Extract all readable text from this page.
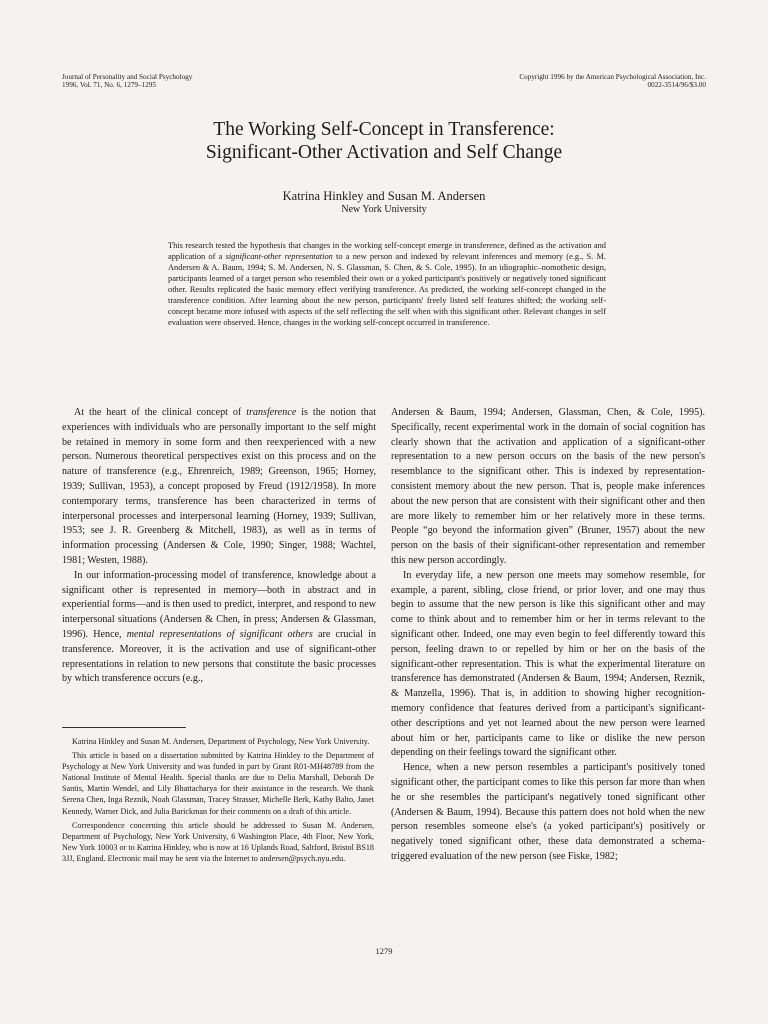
Journal of Personality and Social Psychology
1996, Vol. 71, No. 6, 1279–1295
Copyright 1996 by the American Psychological Association, Inc.
0022-3514/96/$3.00
The Working Self-Concept in Transference:
Significant-Other Activation and Self Change
Katrina Hinkley and Susan M. Andersen
New York University
This research tested the hypothesis that changes in the working self-concept emerge in transference, defined as the activation and application of a significant-other representation to a new person and indexed by relevant inferences and memory (e.g., S. M. Andersen & A. Baum, 1994; S. M. Andersen, N. S. Glassman, S. Chen, & S. Cole, 1995). In an idiographic–nomothetic design, participants learned of a target person who resembled their own or a yoked participant's positively or negatively toned significant other. Results replicated the basic memory effect verifying transference. As predicted, the working self-concept changed in the transference condition. After learning about the new person, participants' freely listed self features shifted; the working self-concept became more infused with aspects of the self reflecting the self when with this significant other. Relevant changes in self evaluation were observed. Hence, changes in the working self-concept occurred in transference.

At the heart of the clinical concept of transference is the notion that experiences with individuals who are personally important to the self might be retained in memory in some form and then reexperienced with a new person. Numerous theoretical perspectives exist on this process and on the nature of transference (e.g., Ehrenreich, 1989; Greenson, 1965; Horney, 1939; Sullivan, 1953), a concept proposed by Freud (1912/1958). In more contemporary terms, transference has been characterized in terms of interpersonal processes and interpersonal learning (Horney, 1939; Sullivan, 1953; see J. R. Greenberg & Mitchell, 1983), as well as in terms of information processing (Andersen & Cole, 1990; Singer, 1988; Wachtel, 1981; Westen, 1988).

In our information-processing model of transference, knowledge about a significant other is represented in memory—both in abstract and in experiential forms—and is then used to predict, interpret, and respond to new interpersonal situations (Andersen & Chen, in press; Andersen & Glassman, 1996). Hence, mental representations of significant others are crucial in transference. Moreover, it is the activation and use of significant-other representations in relation to new persons that constitute the basic processes by which transference occurs (e.g.,

Katrina Hinkley and Susan M. Andersen, Department of Psychology, New York University.

This article is based on a dissertation submitted by Katrina Hinkley to the Department of Psychology at New York University and was funded in part by Grant R01-MH48789 from the National Institute of Mental Health. Special thanks are due to Delia Marshall, Deborah De Santis, Martin Wendel, and Lily Bhattacharya for their assistance in the research. We thank Serena Chen, Inga Reznik, Noah Glassman, Tracey Strasser, Michelle Berk, Kathy Balto, Janet Kennedy, Warner Dick, and Julia Barickman for their comments on a draft of this article.

Correspondence concerning this article should be addressed to Susan M. Andersen, Department of Psychology, New York University, 6 Washington Place, 4th Floor, New York, New York 10003 or to Katrina Hinkley, who is now at 16 Uplands Road, Saltford, Bristol BS18 3JJ, England. Electronic mail may be sent via the Internet to andersen@psych.nyu.edu.

Andersen & Baum, 1994; Andersen, Glassman, Chen, & Cole, 1995). Specifically, recent experimental work in the domain of social cognition has clearly shown that the activation and application of a significant-other representation to a new person occurs on the basis of the new person's resemblance to the significant other. This is indexed by representation-consistent memory about the new person. That is, people make inferences about the new person that are consistent with their significant other and then are more likely to remember him or her relatively more in these terms. People “go beyond the information given” (Bruner, 1957) about the new person on the basis of their significant-other representation and remember this new person accordingly.

In everyday life, a new person one meets may somehow resemble, for example, a parent, sibling, close friend, or prior lover, and one may thus begin to assume that the new person is like this significant other and may come to think about and to remember him or her in terms relevant to the significant other. Indeed, one may even begin to feel differently toward this person, feeling drawn to or repelled by him or her on the basis of the significant-other representation. This is what the experimental literature on transference has demonstrated (Andersen & Baum, 1994; Andersen, Reznik, & Manzella, 1996). That is, in addition to showing higher recognition-memory confidence that features derived from a participant's significant-other descriptions and yet not learned about the new person were learned about him or her, participants came to like or dislike the new person depending on their feelings toward the significant other.

Hence, when a new person resembles a participant's positively toned significant other, the participant comes to like this person far more than when he or she resembles the participant's negatively toned significant other (Andersen & Baum, 1994). Because this pattern does not hold when the new person resembles someone else's (a yoked participant's) positively or negatively toned significant other, these data demonstrated a schema-triggered evaluation of the new person (see Fiske, 1982;

1279
